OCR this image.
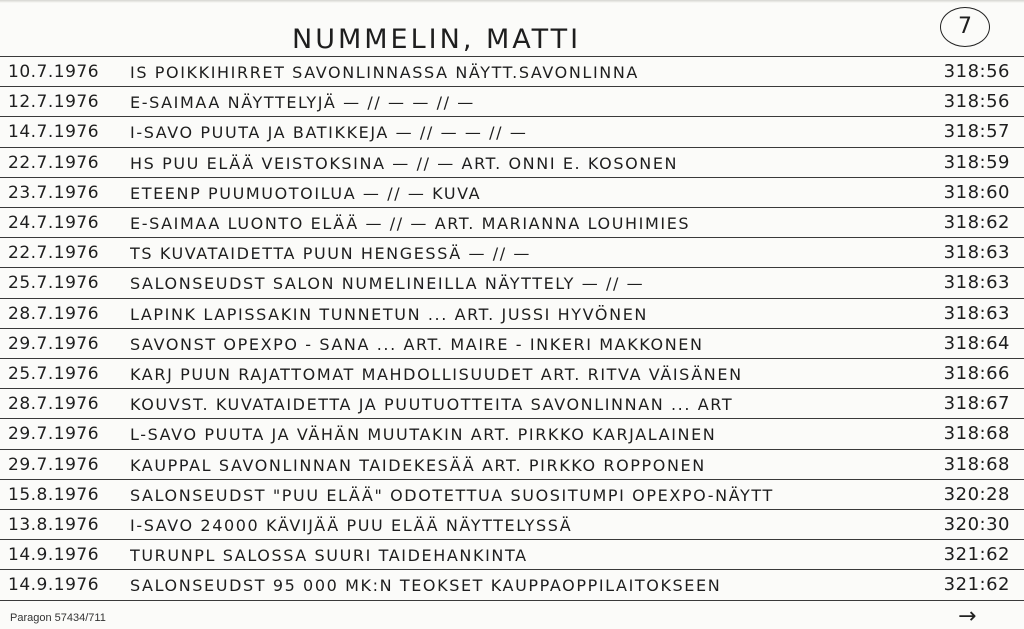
NUMMELIN, MATTI	7
10.7.1976 IS POIKKIHIRRET SAVONLINNASSA NÄYTT.SAVONLINNA	318:56
12.7.1976 E-SAIMAA NÄYTTELYJÄ — // — — // —	318:56
14.7.1976 I-SAVO PUUTA JA BATIKKEJA — // — — // —	318:57
22.7.1976 HS PUU ELÄÄ VEISTOKSINA — // — ART. ONNI E. KOSONEN	318:59
23.7.1976 ETEENP PUUMUOTOILUA — // — KUVA	318:60
24.7.1976 E-SAIMAA LUONTO ELÄÄ — // — ART. MARIANNA LOUHIMIES	318:62
22.7.1976 TS KUVATAIDETTA PUUN HENGESSÄ — // —	318:63
25.7.1976 SALONSEUDST SALON NUMELINEILLA NÄYTTELY — // —	318:63
28.7.1976 LAPINK LAPISSAKIN TUNNETUN ... ART. JUSSI HYVÖNEN	318:63
29.7.1976 SAVONST OPEXPO - SANA ... ART. MAIRE - INKERI MAKKONEN	318:64
25.7.1976 KARJ PUUN RAJATTOMAT MAHDOLLISUUDET ART. RITVA VÄISÄNEN	318:66
28.7.1976 KOUVST. KUVATAIDETTA JA PUUTUOTTEITA SAVONLINNAN ... ART	318:67
29.7.1976 L-SAVO PUUTA JA VÄHÄN MUUTAKIN ART. PIRKKO KARJALAINEN	318:68
29.7.1976 KAUPPAL SAVONLINNAN TAIDEKESÄÄ ART. PIRKKO ROPPONEN	318:68
15.8.1976 SALONSEUDST "PUU ELÄÄ" ODOTETTUA SUOSITUMPI OPEXPO-NÄYTT	320:28
13.8.1976 I-SAVO 24000 KÄVIJÄÄ PUU ELÄÄ NÄYTTELYSSÄ	320:30
14.9.1976 TURUNPL SALOSSA SUURI TAIDEHANKINTA	321:62
14.9.1976 SALONSEUDST 95 000 MK:N TEOKSET KAUPPAOPPILAITOKSEEN	321:62
Paragon 57434/711	→
